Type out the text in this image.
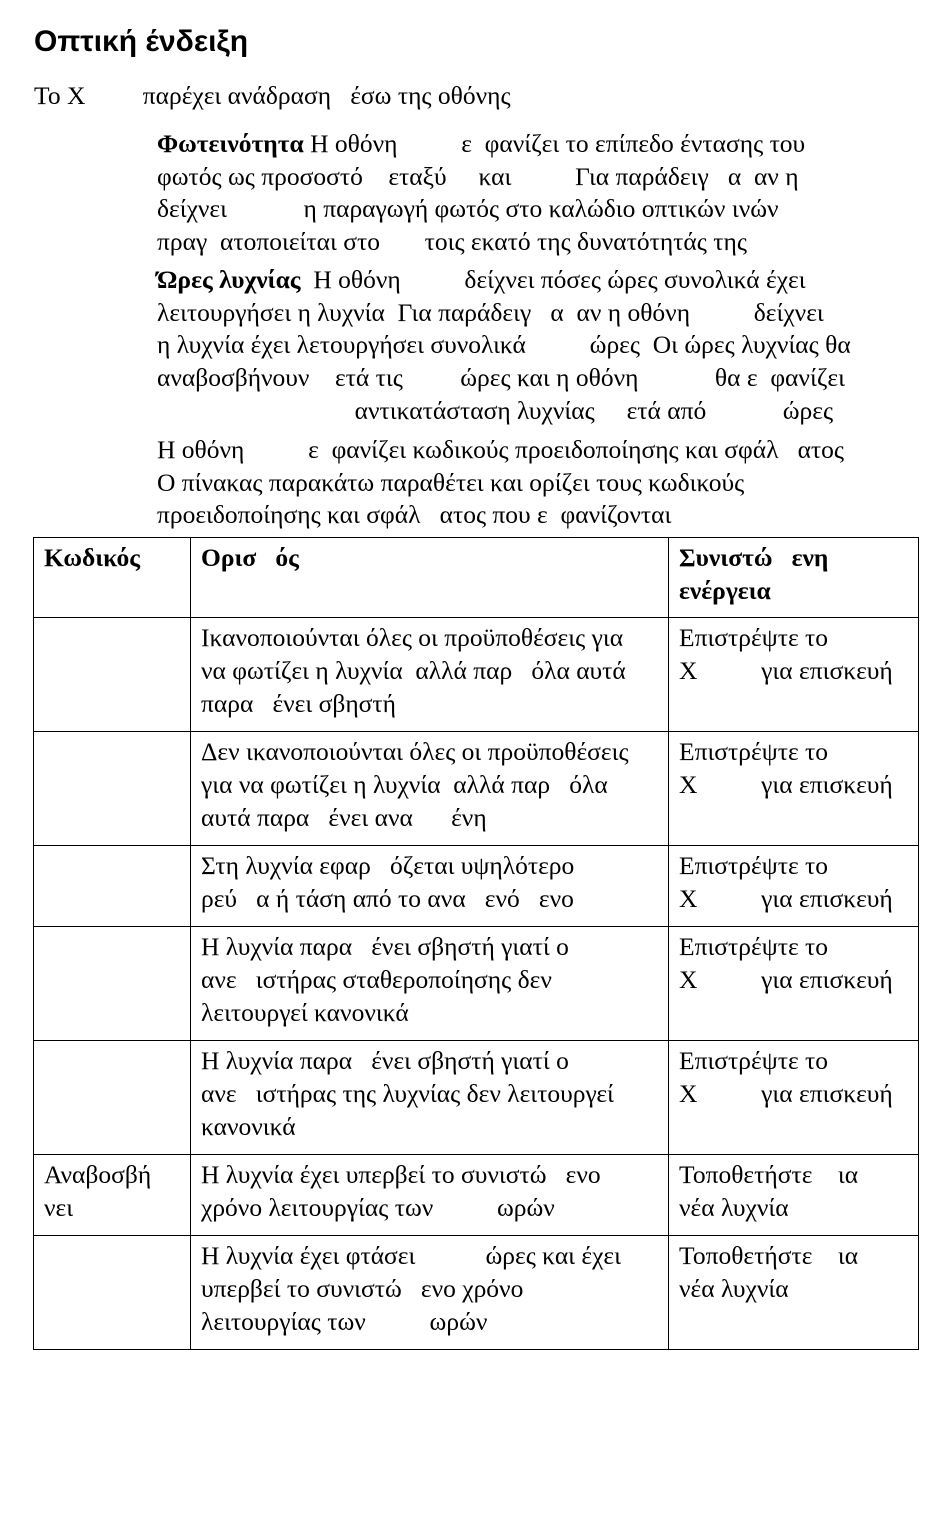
Οπτική ένδειξη

Το X         παρέχει ανάδραση   έσω της οθόνης

Φωτεινότητα Η οθόνη          ε  φανίζει το επίπεδο έντασης του
φωτός ως προσοστό    εταξύ     και          Για παράδειγ   α  αν η
δείχνει            η παραγωγή φωτός στο καλώδιο οπτικών ινών
πραγ  ατοποιείται στο       τοις εκατό της δυνατότητάς της
Ώρες λυχνίας  Η οθόνη          δείχνει πόσες ώρες συνολικά έχει
λειτουργήσει η λυχνία  Για παράδειγ   α  αν η οθόνη          δείχνει
η λυχνία έχει λετουργήσει συνολικά          ώρες  Οι ώρες λυχνίας θα
αναβοσβήνουν    ετά τις         ώρες και η οθόνη            θα ε  φανίζει
αντικατάσταση λυχνίας     ετά από            ώρες
Η οθόνη          ε  φανίζει κωδικούς προειδοποίησης και σφάλ   ατος
Ο πίνακας παρακάτω παραθέτει και ορίζει τους κωδικούς
προειδοποίησης και σφάλ   ατος που ε  φανίζονται
Κωδικός	Ορισ   ός	Συνιστώ   ενη
ενέργεια

	Ικανοποιούνται όλες οι προϋποθέσεις για
να φωτίζει η λυχνία  αλλά παρ   όλα αυτά
παρα   ένει σβηστή	Επιστρέψτε το
X          για επισκευή

	Δεν ικανοποιούνται όλες οι προϋποθέσεις
για να φωτίζει η λυχνία  αλλά παρ   όλα
αυτά παρα   ένει ανα      ένη	Επιστρέψτε το
X          για επισκευή

	Στη λυχνία εφαρ   όζεται υψηλότερο
ρεύ   α ή τάση από το ανα   ενό   ενο	Επιστρέψτε το
X          για επισκευή

	Η λυχνία παρα   ένει σβηστή γιατί ο
ανε   ιστήρας σταθεροποίησης δεν
λειτουργεί κανονικά	Επιστρέψτε το
X          για επισκευή

	Η λυχνία παρα   ένει σβηστή γιατί ο
ανε   ιστήρας της λυχνίας δεν λειτουργεί
κανονικά	Επιστρέψτε το
X          για επισκευή

Αναβοσβή
νει	Η λυχνία έχει υπερβεί το συνιστώ   ενο
χρόνο λειτουργίας των          ωρών	Τοποθετήστε    ια
νέα λυχνία

	Η λυχνία έχει φτάσει           ώρες και έχει
υπερβεί το συνιστώ   ενο χρόνο
λειτουργίας των          ωρών	Τοποθετήστε    ια
νέα λυχνία
